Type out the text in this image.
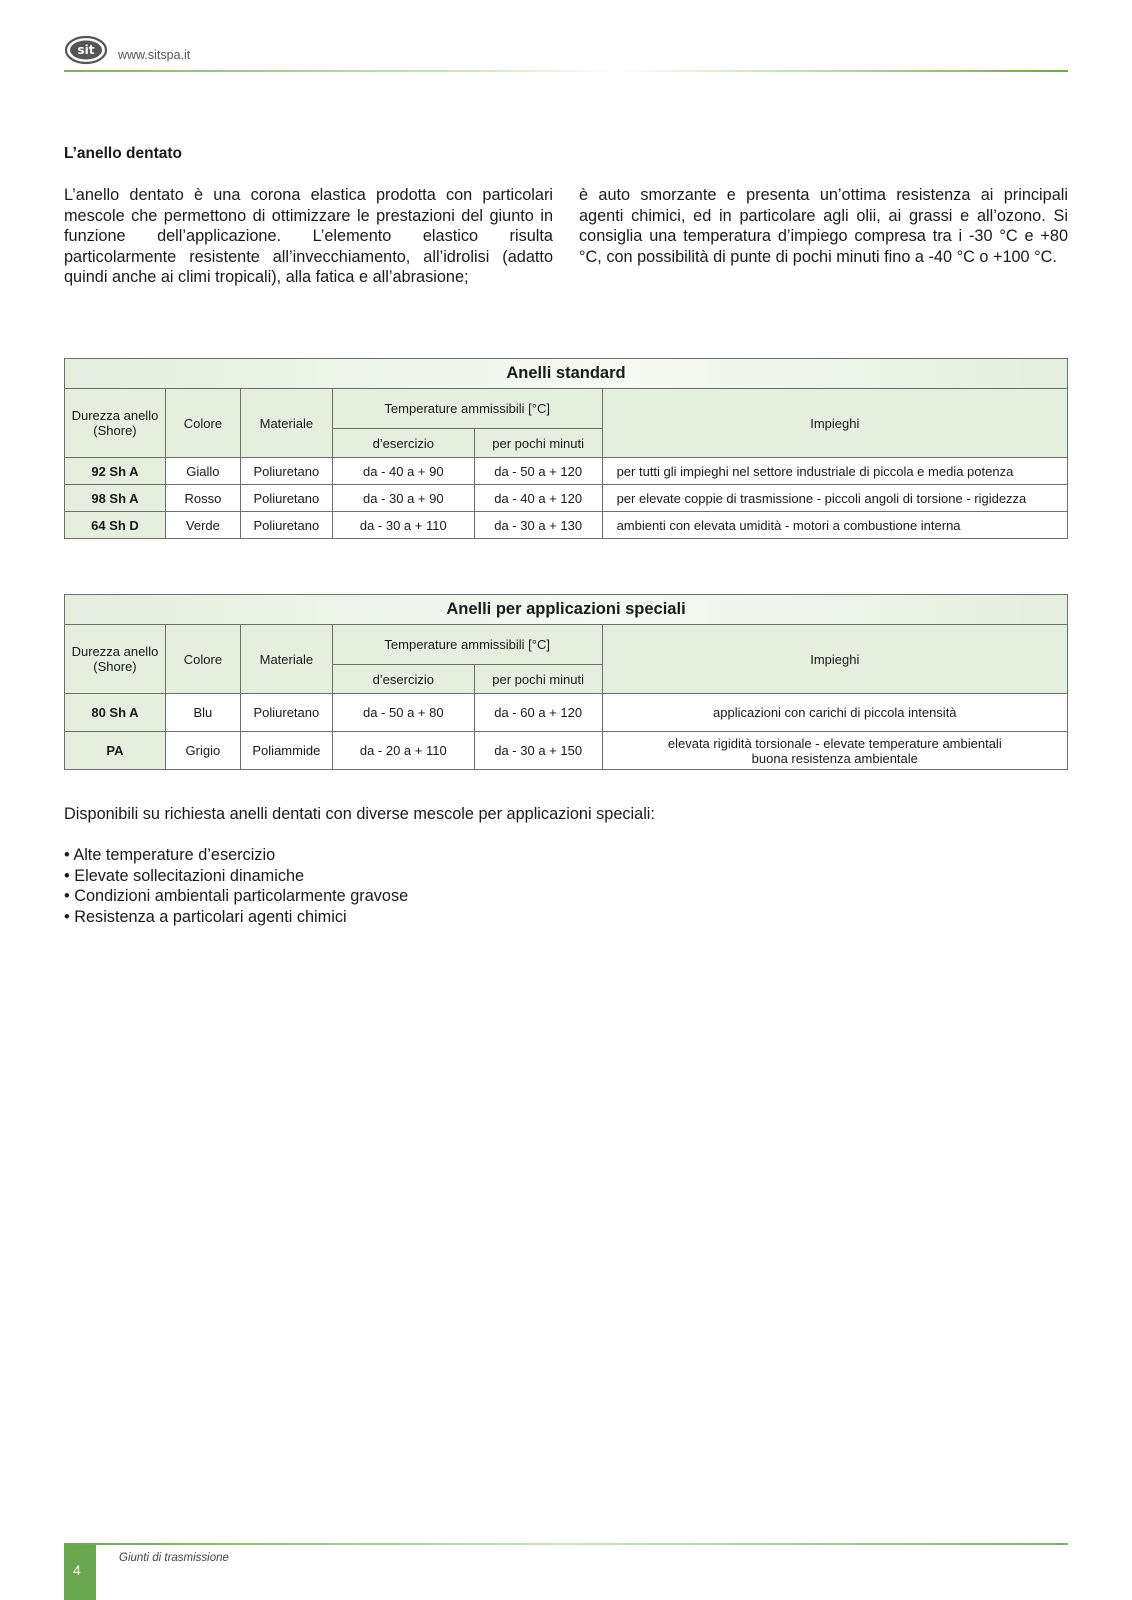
sit www.sitspa.it
L’anello dentato
L’anello dentato è una corona elastica prodotta con particolari mescole che permettono di ottimizzare le prestazioni del giunto in funzione dell’applicazione. L’elemento elastico risulta particolarmente resistente all’invecchiamento, all’idrolisi (adatto quindi anche ai climi tropicali), alla fatica e all’abrasione;
è auto smorzante e presenta un’ottima resistenza ai principali agenti chimici, ed in particolare agli olii, ai grassi e all’ozono. Si consiglia una temperatura d’impiego compresa tra i -30 °C e +80 °C, con possibilità di punte di pochi minuti fino a -40 °C o +100 °C.
Anelli standard					
Durezza anello (Shore)	Colore	Materiale	Temperature ammissibili [°C]		Impieghi
			d’esercizio	per pochi minuti	
92 Sh A	Giallo	Poliuretano	da - 40 a + 90	da - 50 a + 120	per tutti gli impieghi nel settore industriale di piccola e media potenza
98 Sh A	Rosso	Poliuretano	da - 30 a + 90	da - 40 a + 120	per elevate coppie di trasmissione - piccoli angoli di torsione - rigidezza
64 Sh D	Verde	Poliuretano	da - 30 a + 110	da - 30 a + 130	ambienti con elevata umidità - motori a combustione interna
Anelli per applicazioni speciali					
Durezza anello (Shore)	Colore	Materiale	Temperature ammissibili [°C]		Impieghi
			d’esercizio	per pochi minuti	
80 Sh A	Blu	Poliuretano	da - 50 a + 80	da - 60 a + 120	applicazioni con carichi di piccola intensità
PA	Grigio	Poliammide	da - 20 a + 110	da - 30 a + 150	elevata rigidità torsionale - elevate temperature ambientali
buona resistenza ambientale
Disponibili su richiesta anelli dentati con diverse mescole per applicazioni speciali:
• Alte temperature d’esercizio
• Elevate sollecitazioni dinamiche
• Condizioni ambientali particolarmente gravose
• Resistenza a particolari agenti chimici
4
Giunti di trasmissione
